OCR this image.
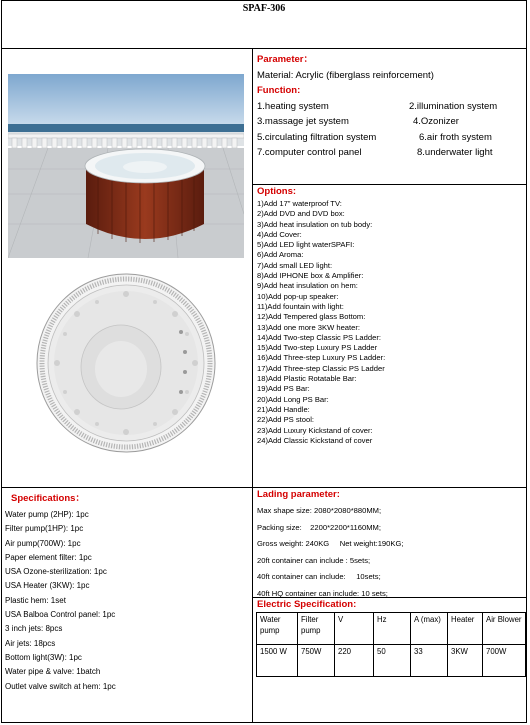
SPAF-306
Parameter：
Material: Acrylic (fiberglass reinforcement)
Function:
1.heating system	2.illumination system
3.massage jet system	4.Ozonizer
5.circulating filtration system	6.air froth system
7.computer control panel	8.underwater light
Options:
1)Add 17” waterproof TV:
2)Add DVD and DVD box:
3)Add heat insulation on tub body:
4)Add Cover:
5)Add LED light waterSPAFI:
6)Add Aroma:
7)Add small LED light:
8)Add IPHONE box & Amplifier:
9)Add heat insulation on hem:
10)Add pop-up speaker:
11)Add fountain with light:
12)Add Tempered glass Bottom:
13)Add one more 3KW heater:
14)Add Two-step Classic PS Ladder:
15)Add Two-step Luxury PS Ladder
16)Add Three-step Luxury PS Ladder:
17)Add Three-step Classic PS Ladder
18)Add Plastic Rotatable Bar:
19)Add PS Bar:
20)Add Long PS Bar:
21)Add Handle:
22)Add PS stool:
23)Add Luxury Kickstand of cover:
24)Add Classic Kickstand of cover
Specifications：
Water pump (2HP): 1pc
Filter pump(1HP): 1pc
Air pump(700W): 1pc
Paper element filter: 1pc
USA Ozone-sterilization: 1pc
USA Heater (3KW): 1pc
Plastic hem: 1set
USA Balboa Control panel: 1pc
3 inch jets: 8pcs
Air jets: 18pcs
Bottom light(3W): 1pc
Water pipe & valve: 1batch
Outlet valve switch at hem: 1pc
Lading parameter:
Max shape size: 2080*2080*880MM;
Packing size:    2200*2200*1160MM;
Gross weight: 240KG     Net weight:190KG;
20ft container can include : 5sets;
40ft container can include:     10sets;
40ft HQ container can include: 10 sets;
Electric Specification:
Water pump	Filter pump	V	Hz	A (max)	Heater	Air Blower
1500 W	750W	220	50	33	3KW	700W
